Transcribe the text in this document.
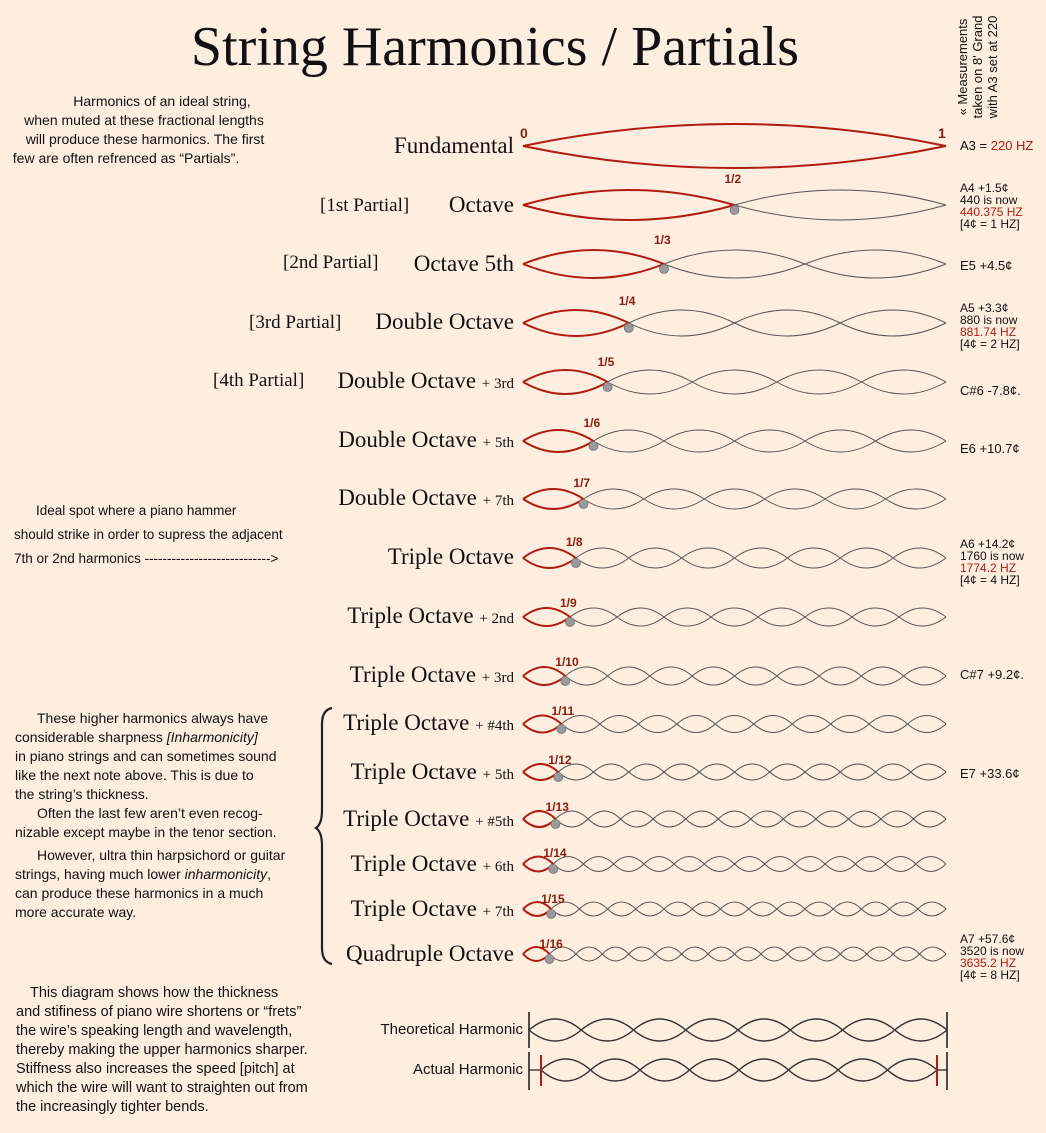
String Harmonics / Partials	« Measurements taken on 8' Grand with A3 set at 220

Harmonics of an ideal string,

when muted at these fractional lengths

will produce these harmonics. The first

few are often refrenced as “Partials”.

Ideal spot where a piano hammer

should strike in order to supress the adjacent

7th or 2nd harmonics ---------------------------->

These higher harmonics always have

considerable sharpness [Inharmonicity]

in piano strings and can sometimes sound

like the next note above. This is due to

the string’s thickness.

Often the last few aren’t even recog-

nizable except maybe in the tenor section.

However, ultra thin harpsichord or guitar

strings, having much lower inharmonicity,

can produce these harmonics in a much

more accurate way.

This diagram shows how the thickness

and stifiness of piano wire shortens or “frets”

the wire’s speaking length and wavelength,

thereby making the upper harmonics sharper.

Stiffness also increases the speed [pitch] at

which the wire will want to straighten out from

the increasingly tighter bends.

Fundamental 0	1
A3 = 220 HZ
Octave
[1st Partial]
Octave 5th
[2nd Partial]
Double Octave
[3rd Partial]
Double Octave + 3rd
[4th Partial]
Double Octave + 5th
Double Octave + 7th
Triple Octave
Triple Octave + 2nd
Triple Octave + 3rd
Triple Octave + #4th
Triple Octave + 5th
Triple Octave + #5th
Triple Octave + 6th
Triple Octave + 7th
Quadruple Octave
A4 +1.5¢
440 is now
440.375 HZ
[4¢ = 1 HZ]
E5 +4.5¢
A5 +3.3¢
880 is now
881.74 HZ
[4¢ = 2 HZ]
C#6 -7.8¢.
E6 +10.7¢
A6 +14.2¢
1760 is now
1774.2 HZ
[4¢ = 4 HZ]
C#7 +9.2¢.
E7 +33.6¢
A7 +57.6¢
3520 is now
3635.2 HZ
[4¢ = 8 HZ]
Theoretical Harmonic
Actual Harmonic
1/2
1/3
1/4
1/5
1/6
1/7
1/8
1/9
1/10
1/11
1/12
1/13
1/14
1/15
1/16
